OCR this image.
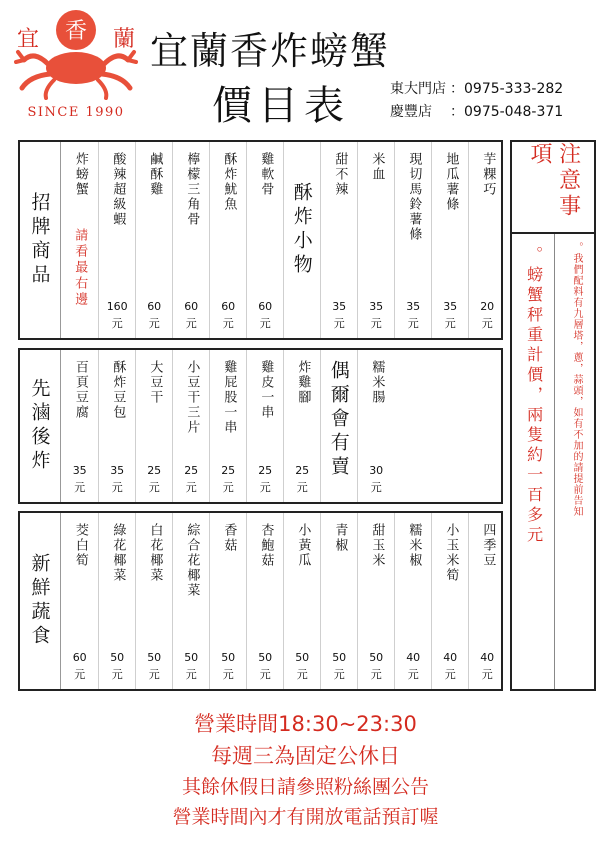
香
宜	蘭
SINCE 1990
宜蘭香炸螃蟹
價目表	東大門店 ：0975-333-282
慶豐店 ：0975-048-371
招牌商品
炸螃蟹
請看最右邊
酸辣超級蝦
160
元
鹹酥雞
60
元
檸檬三角骨
60
元
酥炸魷魚
60
元
雞軟骨
60
元
酥炸小物
甜不辣
35
元
米血
35
元
現切馬鈴薯條
35
元
地瓜薯條
35
元
芋粿巧
20
元
先滷後炸 百頁豆腐
35
元
酥炸豆包
35
元
大豆干
25
元
小豆干三片
25
元
雞屁股一串
25
元
雞皮一串
25
元
炸雞腳
25
元
偶爾會有賣 糯米腸
30
元
新鮮蔬食
茭白筍
60
元
綠花椰菜
50
元
白花椰菜
50
元
綜合花椰菜
50
元
香菇
50
元
杏鮑菇
50
元
小黃瓜
50
元
青椒
50
元
甜玉米
50
元
糯米椒
40
元
小玉米筍
40
元
四季豆
40
元
注意事項
。螃蟹秤重計價，兩隻約一百多元	。我們配料有九層塔，蔥，蒜頭，如有不加的請提前告知
營業時間18:30~23:30
每週三為固定公休日
其餘休假日請參照粉絲團公告
營業時間內才有開放電話預訂喔
